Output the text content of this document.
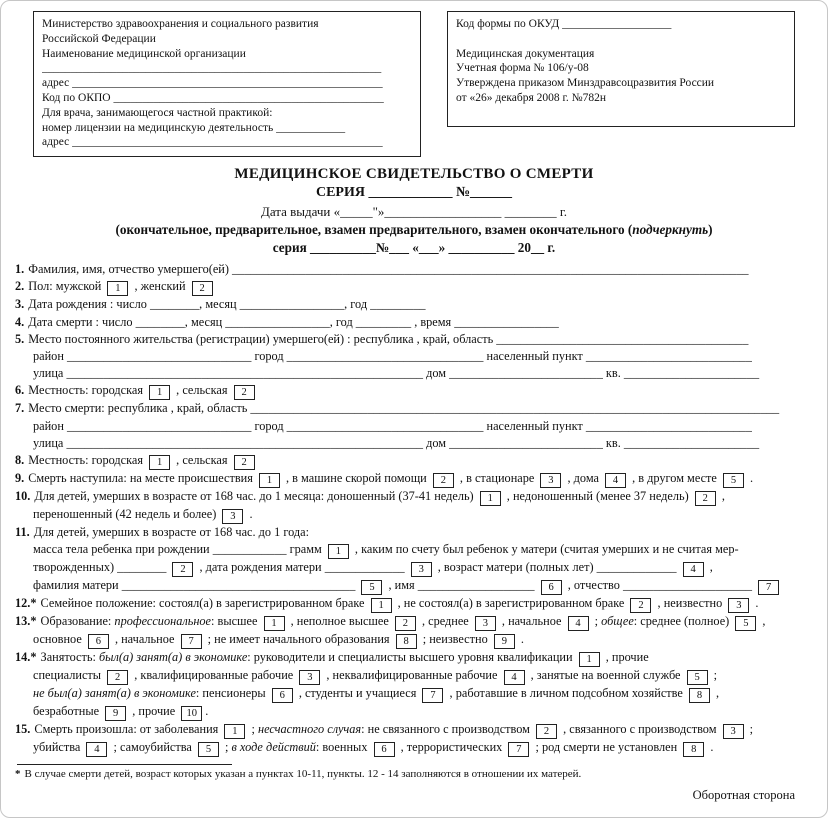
Министерство здравоохранения и социального развития
Российской Федерации
Наименование медицинской организации
___________________________________________________________
адрес ______________________________________________________
Код по ОКПО _______________________________________________
Для врача, занимающегося частной практикой:
номер лицензии на медицинскую деятельность ____________
адрес ______________________________________________________
Код формы по ОКУД ___________________
Медицинская документация
Учетная форма № 106/у-08
Утверждена приказом Минздравсоцразвития России
от «26» декабря 2008 г. №782н
МЕДИЦИНСКОЕ СВИДЕТЕЛЬСТВО О СМЕРТИ
СЕРИЯ ____________ №______
Дата выдачи «_____"»__________________ ________ г.
(окончательное, предварительное, взамен предварительного, взамен окончательного (подчеркнуть)
серия __________№___ «___» __________ 20__ г.
1. Фамилия, имя, отчество умершего(ей) ____________________________________________________________________________________
2. Пол: мужской 1 , женский 2
3. Дата рождения : число ________, месяц _________________, год _________
4. Дата смерти : число ________, месяц _________________, год _________ , время _________________
5. Место постоянного жительства (регистрации) умершего(ей) : республика , край, область _________________________________________
район ______________________________ город ________________________________ населенный пункт ___________________________
улица __________________________________________________________ дом _________________________ кв. ______________________
6. Местность: городская 1 , сельская 2
7. Место смерти: республика , край, область ______________________________________________________________________________________
район ______________________________ город ________________________________ населенный пункт ___________________________
улица __________________________________________________________ дом _________________________ кв. ______________________
8. Местность: городская 1 , сельская 2
9. Смерть наступила: на месте происшествия 1 , в машине скорой помощи 2 , в стационаре 3 , дома 4 , в другом месте 5 .
10. Для детей, умерших в возрасте от 168 час. до 1 месяца: доношенный (37-41 недель) 1 , недоношенный (менее 37 недель) 2 ,
переношенный (42 недель и более) 3 .
11. Для детей, умерших в возрасте от 168 час. до 1 года:
масса тела ребенка при рождении ____________ грамм 1 , каким по счету был ребенок у матери (считая умерших и не считая мер-
творожденных) ________ 2 , дата рождения матери _____________ 3 , возраст матери (полных лет) _____________ 4 ,
фамилия матери ______________________________________ 5 , имя ___________________ 6 , отчество _____________________ 7
12.* Семейное положение: состоял(а) в зарегистрированном браке 1 , не состоял(а) в зарегистрированном браке 2 , неизвестно 3 .
13.* Образование: профессиональное: высшее 1 , неполное высшее 2 , среднее 3 , начальное 4 ; общее: среднее (полное) 5 ,
основное 6 , начальное 7 ; не имеет начального образования 8 ; неизвестно 9 .
14.* Занятость: был(а) занят(а) в экономике: руководители и специалисты высшего уровня квалификации 1 , прочие
специалисты 2 , квалифицированные рабочие 3 , неквалифицированные рабочие 4 , занятые на военной службе 5 ;
не был(а) занят(а) в экономике: пенсионеры 6 , студенты и учащиеся 7 , работавшие в личном подсобном хозяйстве 8 ,
безработные 9 , прочие 10 .
15. Смерть произошла: от заболевания 1 ; несчастного случая: не связанного с производством 2 , связанного с производством 3 ;
убийства 4 ; самоубийства 5 ; в ходе действий: военных 6 , террористических 7 ; род смерти не установлен 8 .
* В случае смерти детей, возраст которых указан а пунктах 10-11, пункты. 12 - 14 заполняются в отношении их матерей.
Оборотная сторона
